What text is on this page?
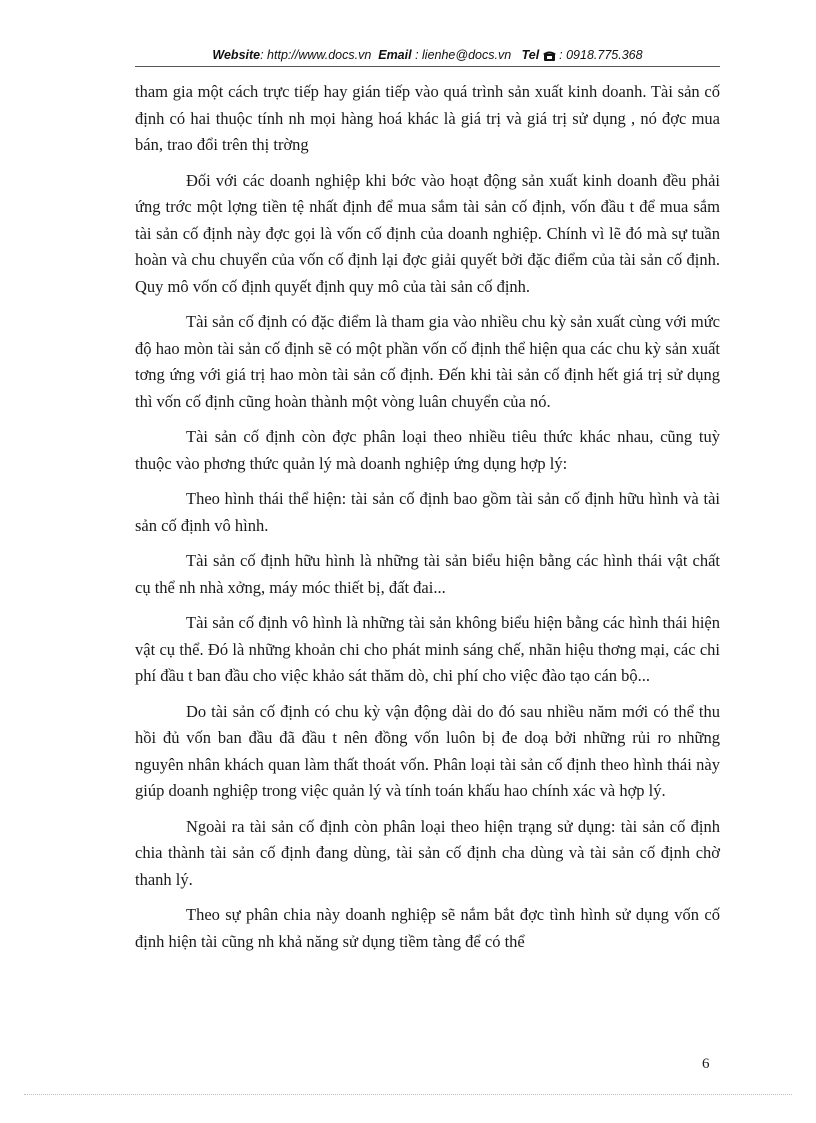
Website: http://www.docs.vn Email : lienhe@docs.vn Tel : 0918.775.368

tham gia một cách trực tiếp hay gián tiếp vào quá trình sản xuất kinh doanh. Tài sản cố định có hai thuộc tính nh mọi hàng hoá khác là giá trị và giá trị sử dụng , nó đợc mua bán, trao đổi trên thị trờng

Đối với các doanh nghiệp khi bớc vào hoạt động sản xuất kinh doanh đều phải ứng trớc một lợng tiền tệ nhất định để mua sắm tài sản cố định, vốn đầu t để mua sắm tài sản cố định này đợc gọi là vốn cố định của doanh nghiệp. Chính vì lẽ đó mà sự tuần hoàn và chu chuyển của vốn cố định lại đợc giải quyết bởi đặc điểm của tài sản cố định. Quy mô vốn cố định quyết định quy mô của tài sản cố định.

Tài sản cố định có đặc điểm là tham gia vào nhiều chu kỳ sản xuất cùng với mức độ hao mòn tài sản cố định sẽ có một phần vốn cố định thể hiện qua các chu kỳ sản xuất tơng ứng với giá trị hao mòn tài sản cố định. Đến khi tài sản cố định hết giá trị sử dụng thì vốn cố định cũng hoàn thành một vòng luân chuyển của nó.

Tài sản cố định còn đợc phân loại theo nhiều tiêu thức khác nhau, cũng tuỳ thuộc vào phơng thức quản lý mà doanh nghiệp ứng dụng hợp lý:

Theo hình thái thể hiện: tài sản cố định bao gồm tài sản cố định hữu hình và tài sản cố định vô hình.

Tài sản cố định hữu hình là những tài sản biểu hiện bằng các hình thái vật chất cụ thể nh nhà xởng, máy móc thiết bị, đất đai...

Tài sản cố định vô hình là những tài sản không biểu hiện bằng các hình thái hiện vật cụ thể. Đó là những khoản chi cho phát minh sáng chế, nhãn hiệu thơng mại, các chi phí đầu t ban đầu cho việc khảo sát thăm dò, chi phí cho việc đào tạo cán bộ...

Do tài sản cố định có chu kỳ vận động dài do đó sau nhiều năm mới có thể thu hồi đủ vốn ban đầu đã đầu t nên đồng vốn luôn bị đe doạ bởi những rủi ro những nguyên nhân khách quan làm thất thoát vốn. Phân loại tài sản cố định theo hình thái này giúp doanh nghiệp trong việc quản lý và tính toán khấu hao chính xác và hợp lý.

Ngoài ra tài sản cố định còn phân loại theo hiện trạng sử dụng: tài sản cố định chia thành tài sản cố định đang dùng, tài sản cố định cha dùng và tài sản cố định chờ thanh lý.

Theo sự phân chia này doanh nghiệp sẽ nắm bắt đợc tình hình sử dụng vốn cố định hiện tài cũng nh khả năng sử dụng tiềm tàng để có thể

6
